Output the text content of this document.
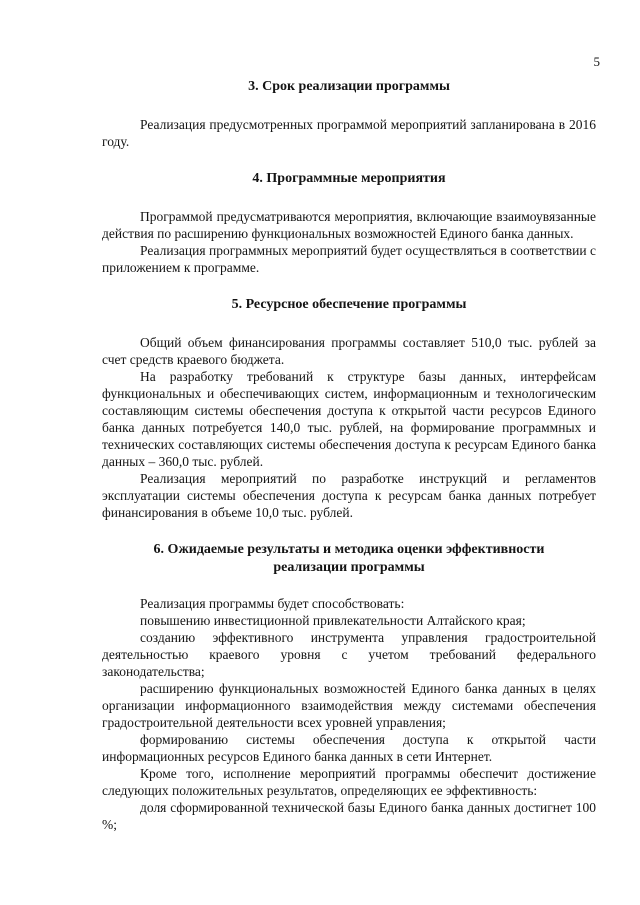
5
3. Срок реализации программы

Реализация предусмотренных программой мероприятий запланирована в 2016 году.

4. Программные мероприятия

Программой предусматриваются мероприятия, включающие взаимоувязанные действия по расширению функциональных возможностей Единого банка данных.

Реализация программных мероприятий будет осуществляться в соответствии с приложением к программе.

5. Ресурсное обеспечение программы

Общий объем финансирования программы составляет 510,0 тыс. рублей за счет средств краевого бюджета.

На разработку требований к структуре базы данных, интерфейсам функциональных и обеспечивающих систем, информационным и технологическим составляющим системы обеспечения доступа к открытой части ресурсов Единого банка данных потребуется 140,0 тыс. рублей, на формирование программных и технических составляющих системы обеспечения доступа к ресурсам Единого банка данных – 360,0 тыс. рублей.

Реализация мероприятий по разработке инструкций и регламентов эксплуатации системы обеспечения доступа к ресурсам банка данных потребует финансирования в объеме 10,0 тыс. рублей.

6. Ожидаемые результаты и методика оценки эффективности
реализации программы

Реализация программы будет способствовать:

повышению инвестиционной привлекательности Алтайского края;

созданию эффективного инструмента управления градостроительной деятельностью краевого уровня с учетом требований федерального законодательства;

расширению функциональных возможностей Единого банка данных в целях организации информационного взаимодействия между системами обеспечения градостроительной деятельности всех уровней управления;

формированию системы обеспечения доступа к открытой части информационных ресурсов Единого банка данных в сети Интернет.

Кроме того, исполнение мероприятий программы обеспечит достижение следующих положительных результатов, определяющих ее эффективность:

доля сформированной технической базы Единого банка данных достигнет 100 %;
